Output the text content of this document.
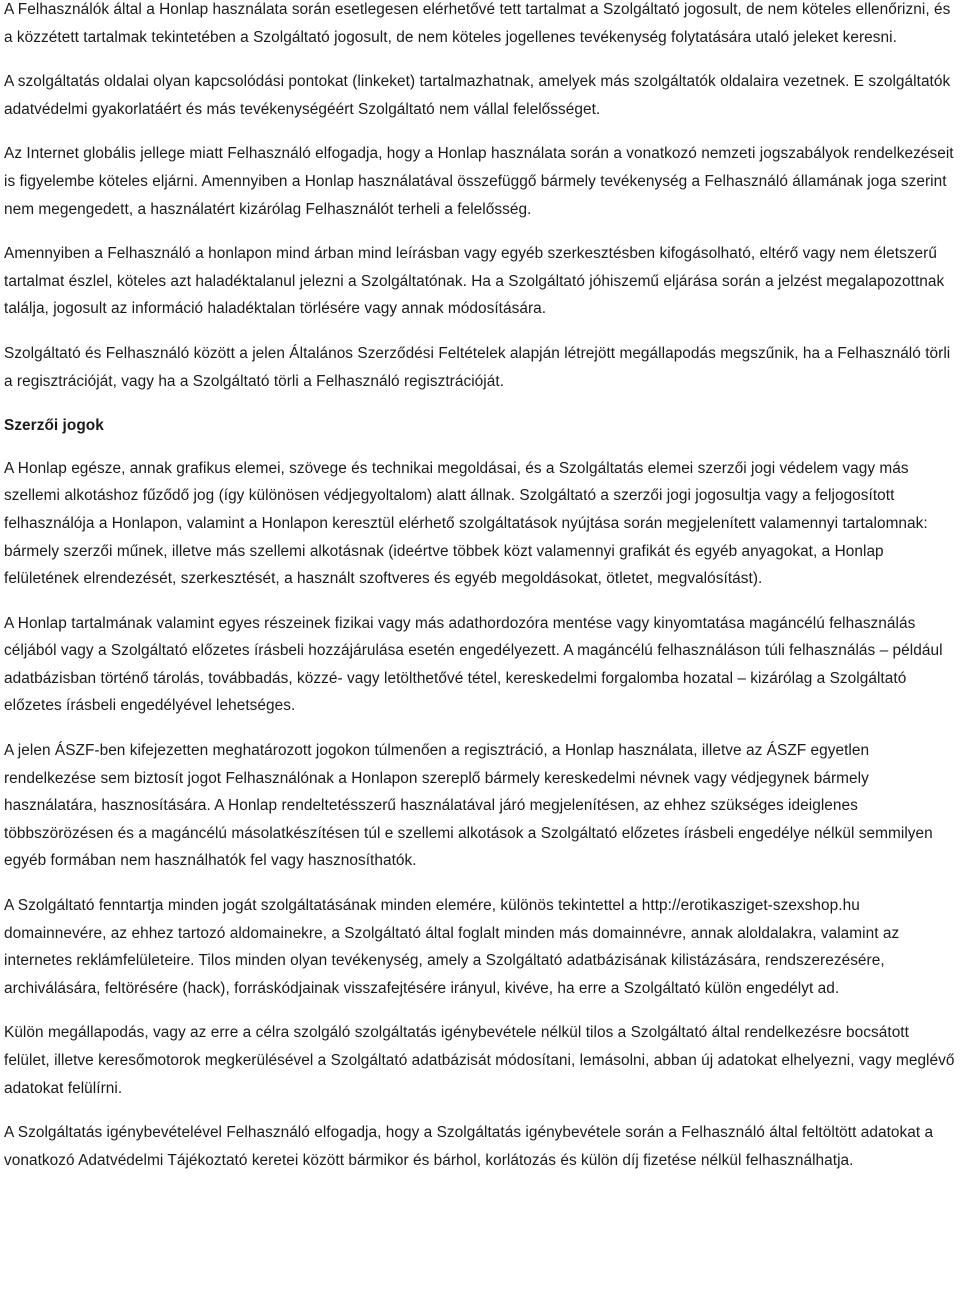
A Felhasználók által a Honlap használata során esetlegesen elérhetővé tett tartalmat a Szolgáltató jogosult, de nem köteles ellenőrizni, és a közzétett tartalmak tekintetében a Szolgáltató jogosult, de nem köteles jogellenes tevékenység folytatására utaló jeleket keresni.

A szolgáltatás oldalai olyan kapcsolódási pontokat (linkeket) tartalmazhatnak, amelyek más szolgáltatók oldalaira vezetnek. E szolgáltatók adatvédelmi gyakorlatáért és más tevékenységéért Szolgáltató nem vállal felelősséget.

Az Internet globális jellege miatt Felhasználó elfogadja, hogy a Honlap használata során a vonatkozó nemzeti jogszabályok rendelkezéseit is figyelembe köteles eljárni. Amennyiben a Honlap használatával összefüggő bármely tevékenység a Felhasználó államának joga szerint nem megengedett, a használatért kizárólag Felhasználót terheli a felelősség.

Amennyiben a Felhasználó a honlapon mind árban mind leírásban vagy egyéb szerkesztésben kifogásolható, eltérő vagy nem életszerű tartalmat észlel, köteles azt haladéktalanul jelezni a Szolgáltatónak. Ha a Szolgáltató jóhiszemű eljárása során a jelzést megalapozottnak találja, jogosult az információ haladéktalan törlésére vagy annak módosítására.

Szolgáltató és Felhasználó között a jelen Általános Szerződési Feltételek alapján létrejött megállapodás megszűnik, ha a Felhasználó törli a regisztrációját, vagy ha a Szolgáltató törli a Felhasználó regisztrációját.

Szerzői jogok

A Honlap egésze, annak grafikus elemei, szövege és technikai megoldásai, és a Szolgáltatás elemei szerzői jogi védelem vagy más szellemi alkotáshoz fűződő jog (így különösen védjegyoltalom) alatt állnak. Szolgáltató a szerzői jogi jogosultja vagy a feljogosított felhasználója a Honlapon, valamint a Honlapon keresztül elérhető szolgáltatások nyújtása során megjelenített valamennyi tartalomnak: bármely szerzői műnek, illetve más szellemi alkotásnak (ideértve többek közt valamennyi grafikát és egyéb anyagokat, a Honlap felületének elrendezését, szerkesztését, a használt szoftveres és egyéb megoldásokat, ötletet, megvalósítást).

A Honlap tartalmának valamint egyes részeinek fizikai vagy más adathordozóra mentése vagy kinyomtatása magáncélú felhasználás céljából vagy a Szolgáltató előzetes írásbeli hozzájárulása esetén engedélyezett. A magáncélú felhasználáson túli felhasználás – például adatbázisban történő tárolás, továbbadás, közzé- vagy letölthetővé tétel, kereskedelmi forgalomba hozatal – kizárólag a Szolgáltató előzetes írásbeli engedélyével lehetséges.

A jelen ÁSZF-ben kifejezetten meghatározott jogokon túlmenően a regisztráció, a Honlap használata, illetve az ÁSZF egyetlen rendelkezése sem biztosít jogot Felhasználónak a Honlapon szereplő bármely kereskedelmi névnek vagy védjegynek bármely használatára, hasznosítására. A Honlap rendeltetésszerű használatával járó megjelenítésen, az ehhez szükséges ideiglenes többszörözésen és a magáncélú másolatkészítésen túl e szellemi alkotások a Szolgáltató előzetes írásbeli engedélye nélkül semmilyen egyéb formában nem használhatók fel vagy hasznosíthatók.

A Szolgáltató fenntartja minden jogát szolgáltatásának minden elemére, különös tekintettel a http://erotikasziget-szexshop.hu domainnevére, az ehhez tartozó aldomainekre, a Szolgáltató által foglalt minden más domainnévre, annak aloldalakra, valamint az internetes reklámfelületeire. Tilos minden olyan tevékenység, amely a Szolgáltató adatbázisának kilistázására, rendszerezésére, archiválására, feltörésére (hack), forráskódjainak visszafejtésére irányul, kivéve, ha erre a Szolgáltató külön engedélyt ad.

Külön megállapodás, vagy az erre a célra szolgáló szolgáltatás igénybevétele nélkül tilos a Szolgáltató által rendelkezésre bocsátott felület, illetve keresőmotorok megkerülésével a Szolgáltató adatbázisát módosítani, lemásolni, abban új adatokat elhelyezni, vagy meglévő adatokat felülírni.

A Szolgáltatás igénybevételével Felhasználó elfogadja, hogy a Szolgáltatás igénybevétele során a Felhasználó által feltöltött adatokat a vonatkozó Adatvédelmi Tájékoztató keretei között bármikor és bárhol, korlátozás és külön díj fizetése nélkül felhasználhatja.
